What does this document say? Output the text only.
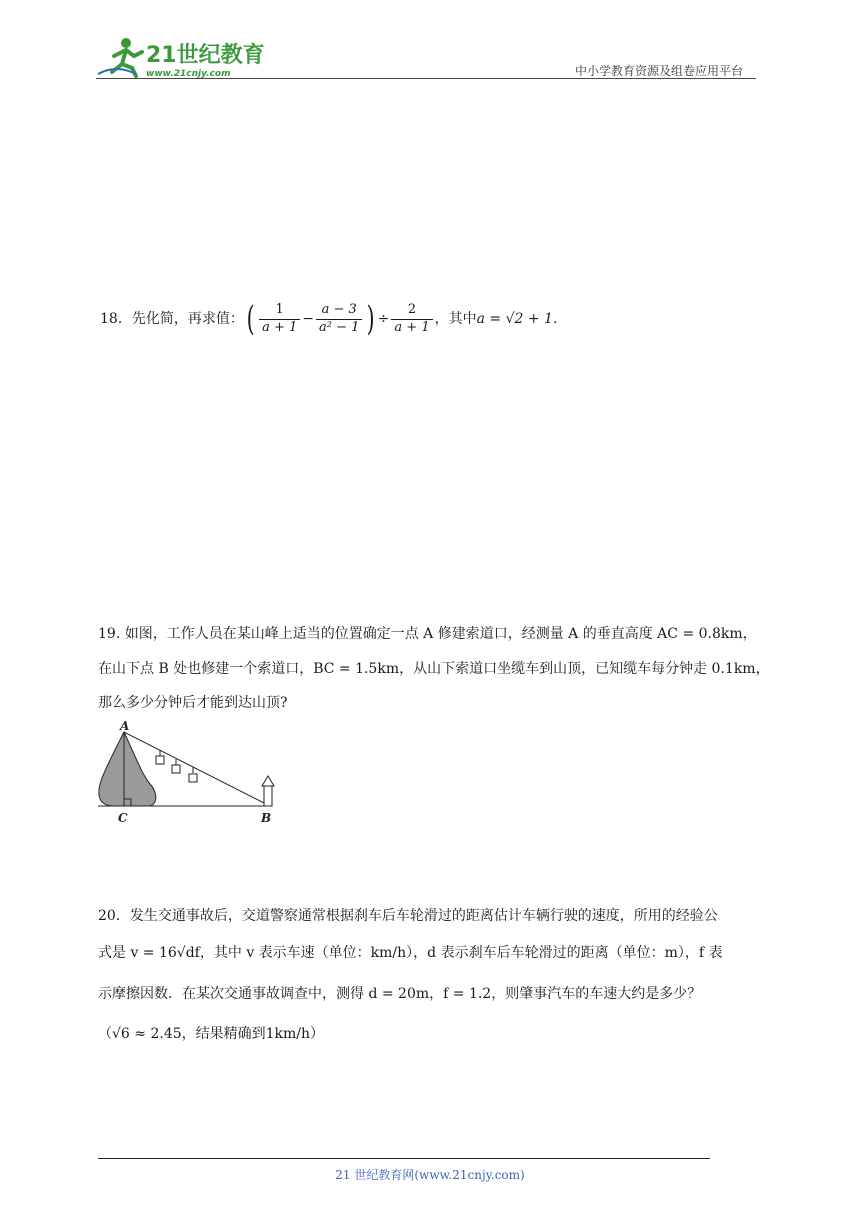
21世纪教育
www.21cnjy.com	中小学教育资源及组卷应用平台
18．先化简，再求值：( $\frac{1}{a + 1} - \frac{a - 3}{\text{a² − 1}}$ ) ÷ $\frac{2}{a + 1}$ ，其中a = √2 + 1.
19. 如图，工作人员在某山峰上适当的位置确定一点 A 修建索道口，经测量 A 的垂直高度 AC = 0.8km，
在山下点 B 处也修建一个索道口，BC = 1.5km，从山下索道口坐缆车到山顶，已知缆车每分钟走 0.1km，
那么多少分钟后才能到达山顶?
A
C	B
20．发生交通事故后，交道警察通常根据刹车后车轮滑过的距离估计车辆行驶的速度，所用的经验公
式是 v = 16√df，其中 v 表示车速（单位：km/h），d 表示刹车后车轮滑过的距离（单位：m），f 表
示摩擦因数．在某次交通事故调查中，测得 d = 20m，f = 1.2，则肇事汽车的车速大约是多少？
（√6 ≈ 2.45，结果精确到1km/h）
21 世纪教育网(www.21cnjy.com)
